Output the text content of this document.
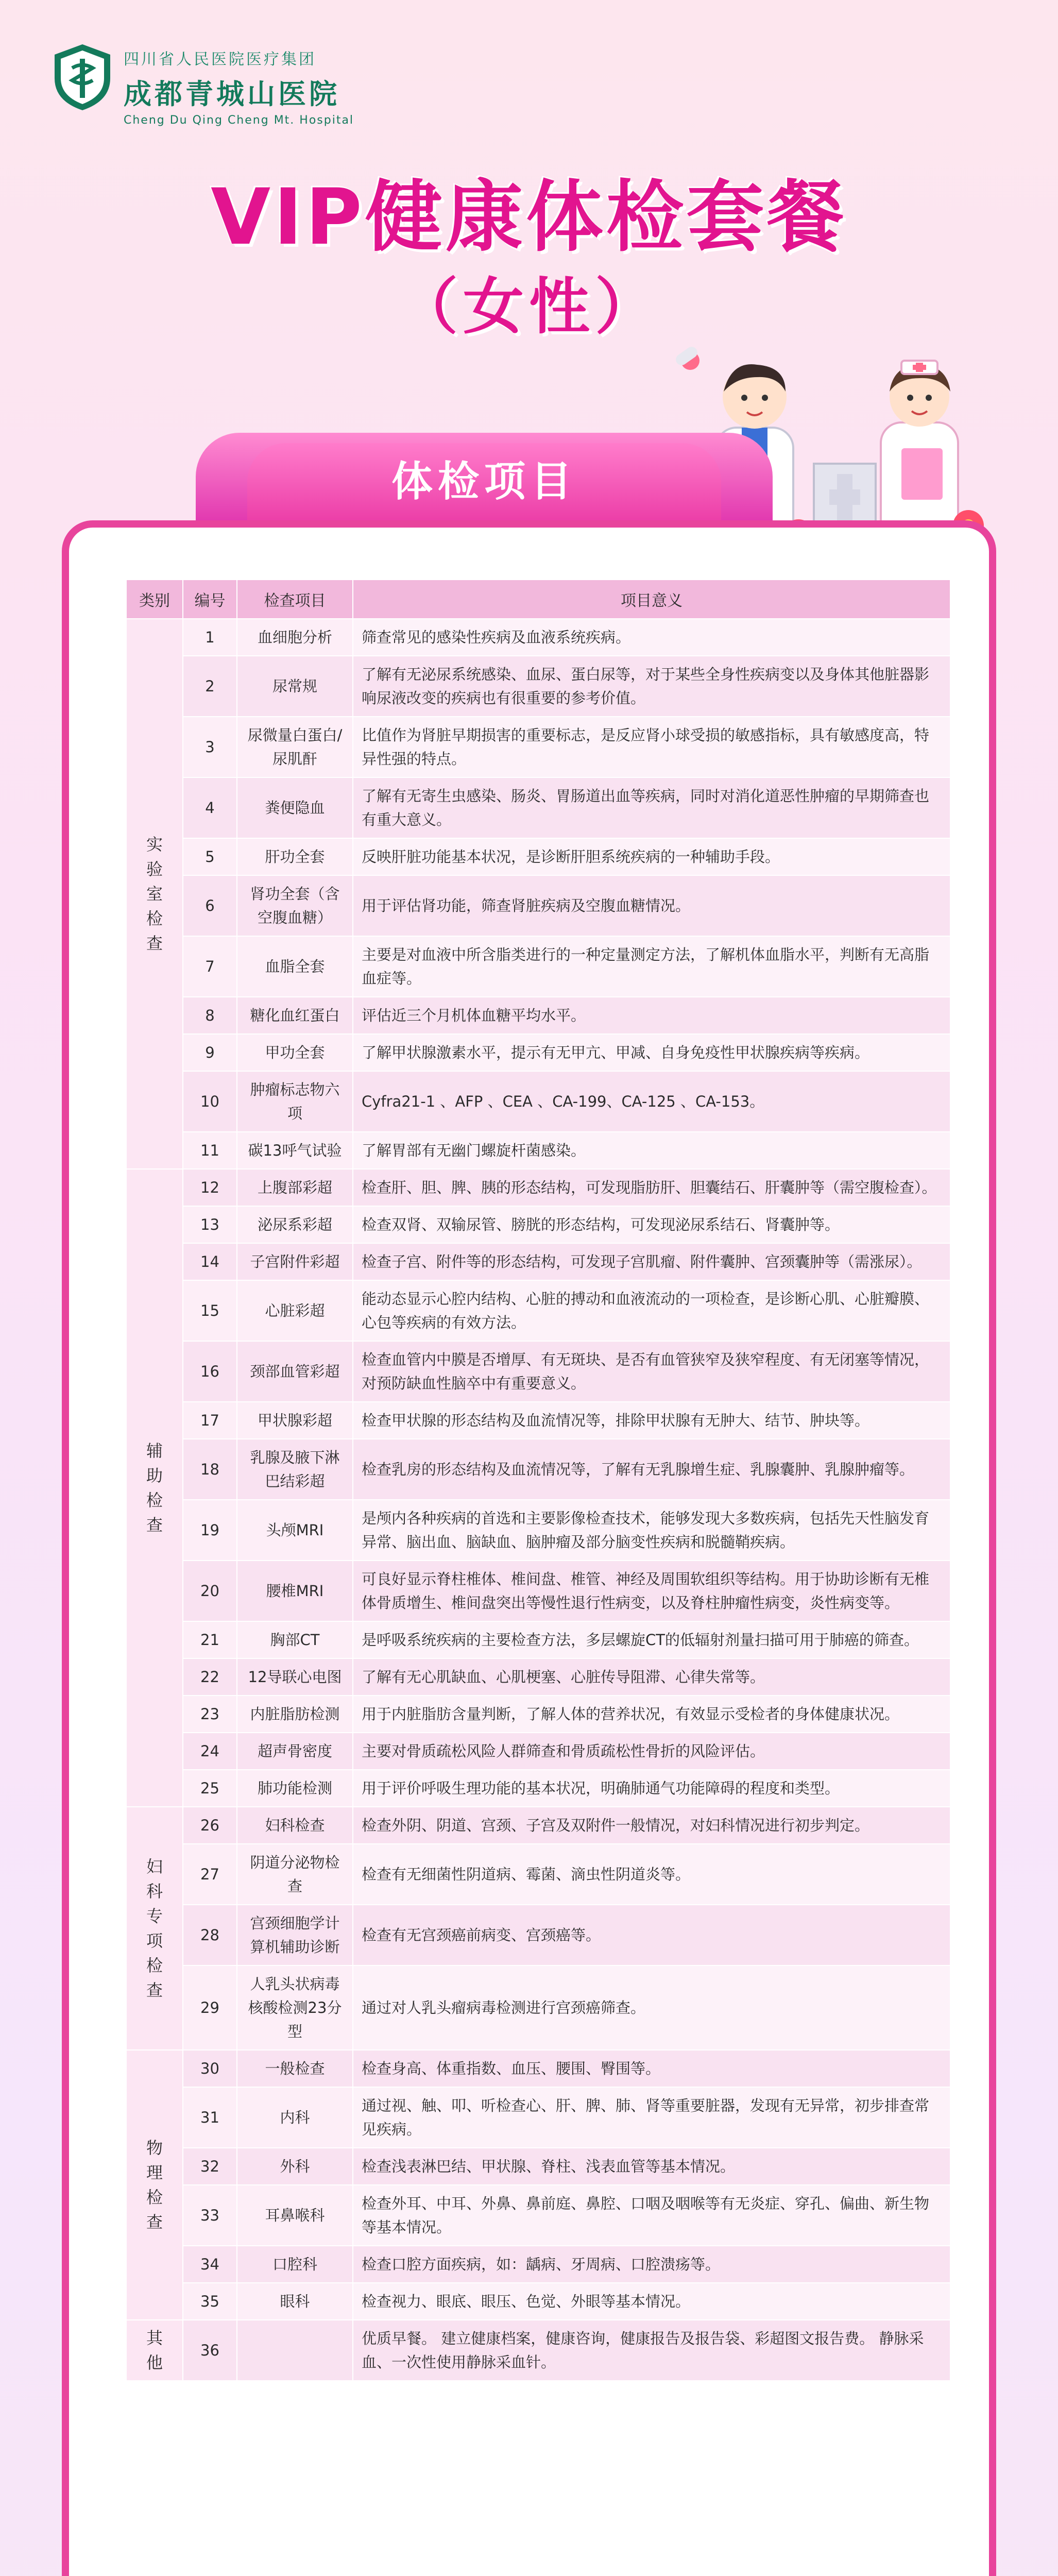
四川省人民医院医疗集团
成都青城山医院
Cheng Du Qing Cheng Mt. Hospital
VIP健康体检套餐
（女性）
体检项目
类别	编号	检查项目	项目意义
实验室检查	1	血细胞分析	筛查常见的感染性疾病及血液系统疾病。
	2	尿常规	了解有无泌尿系统感染、血尿、蛋白尿等，对于某些全身性疾病变以及身体其他脏器影响尿液改变的疾病也有很重要的参考价值。
	3	尿微量白蛋白/尿肌酐	比值作为肾脏早期损害的重要标志，是反应肾小球受损的敏感指标，具有敏感度高，特异性强的特点。
	4	粪便隐血	了解有无寄生虫感染、肠炎、胃肠道出血等疾病，同时对消化道恶性肿瘤的早期筛查也有重大意义。
	5	肝功全套	反映肝脏功能基本状况，是诊断肝胆系统疾病的一种辅助手段。
	6	肾功全套（含空腹血糖）	用于评估肾功能，筛查肾脏疾病及空腹血糖情况。
	7	血脂全套	主要是对血液中所含脂类进行的一种定量测定方法，了解机体血脂水平，判断有无高脂血症等。
	8	糖化血红蛋白	评估近三个月机体血糖平均水平。
	9	甲功全套	了解甲状腺激素水平，提示有无甲亢、甲减、自身免疫性甲状腺疾病等疾病。
	10	肿瘤标志物六项	Cyfra21-1 、AFP 、CEA 、CA-199、CA-125 、CA-153。
	11	碳13呼气试验	了解胃部有无幽门螺旋杆菌感染。
辅助检查	12	上腹部彩超	检查肝、胆、脾、胰的形态结构，可发现脂肪肝、胆囊结石、肝囊肿等（需空腹检查）。
	13	泌尿系彩超	检查双肾、双输尿管、膀胱的形态结构，可发现泌尿系结石、肾囊肿等。
	14	子宫附件彩超	检查子宫、附件等的形态结构，可发现子宫肌瘤、附件囊肿、宫颈囊肿等（需涨尿）。
	15	心脏彩超	能动态显示心腔内结构、心脏的搏动和血液流动的一项检查，是诊断心肌、心脏瓣膜、心包等疾病的有效方法。
	16	颈部血管彩超	检查血管内中膜是否增厚、有无斑块、是否有血管狭窄及狭窄程度、有无闭塞等情况，对预防缺血性脑卒中有重要意义。
	17	甲状腺彩超	检查甲状腺的形态结构及血流情况等，排除甲状腺有无肿大、结节、肿块等。
	18	乳腺及腋下淋巴结彩超	检查乳房的形态结构及血流情况等，了解有无乳腺增生症、乳腺囊肿、乳腺肿瘤等。
	19	头颅MRI	是颅内各种疾病的首选和主要影像检查技术，能够发现大多数疾病，包括先天性脑发育异常、脑出血、脑缺血、脑肿瘤及部分脑变性疾病和脱髓鞘疾病。
	20	腰椎MRI	可良好显示脊柱椎体、椎间盘、椎管、神经及周围软组织等结构。用于协助诊断有无椎体骨质增生、椎间盘突出等慢性退行性病变，以及脊柱肿瘤性病变，炎性病变等。
	21	胸部CT	是呼吸系统疾病的主要检查方法，多层螺旋CT的低辐射剂量扫描可用于肺癌的筛查。
	22	12导联心电图	了解有无心肌缺血、心肌梗塞、心脏传导阻滞、心律失常等。
	23	内脏脂肪检测	用于内脏脂肪含量判断，了解人体的营养状况，有效显示受检者的身体健康状况。
	24	超声骨密度	主要对骨质疏松风险人群筛查和骨质疏松性骨折的风险评估。
	25	肺功能检测	用于评价呼吸生理功能的基本状况，明确肺通气功能障碍的程度和类型。
妇科专项检查	26	妇科检查	检查外阴、阴道、宫颈、子宫及双附件一般情况，对妇科情况进行初步判定。
	27	阴道分泌物检查	检查有无细菌性阴道病、霉菌、滴虫性阴道炎等。
	28	宫颈细胞学计算机辅助诊断	检查有无宫颈癌前病变、宫颈癌等。
	29	人乳头状病毒核酸检测23分型	通过对人乳头瘤病毒检测进行宫颈癌筛查。
物理检查	30	一般检查	检查身高、体重指数、血压、腰围、臀围等。
	31	内科	通过视、触、叩、听检查心、肝、脾、肺、肾等重要脏器，发现有无异常，初步排查常见疾病。
	32	外科	检查浅表淋巴结、甲状腺、脊柱、浅表血管等基本情况。
	33	耳鼻喉科	检查外耳、中耳、外鼻、鼻前庭、鼻腔、口咽及咽喉等有无炎症、穿孔、偏曲、新生物等基本情况。
	34	口腔科	检查口腔方面疾病，如：龋病、牙周病、口腔溃疡等。
	35	眼科	检查视力、眼底、眼压、色觉、外眼等基本情况。
其他	36		优质早餐。 建立健康档案，健康咨询，健康报告及报告袋、彩超图文报告费。 静脉采血、一次性使用静脉采血针。
